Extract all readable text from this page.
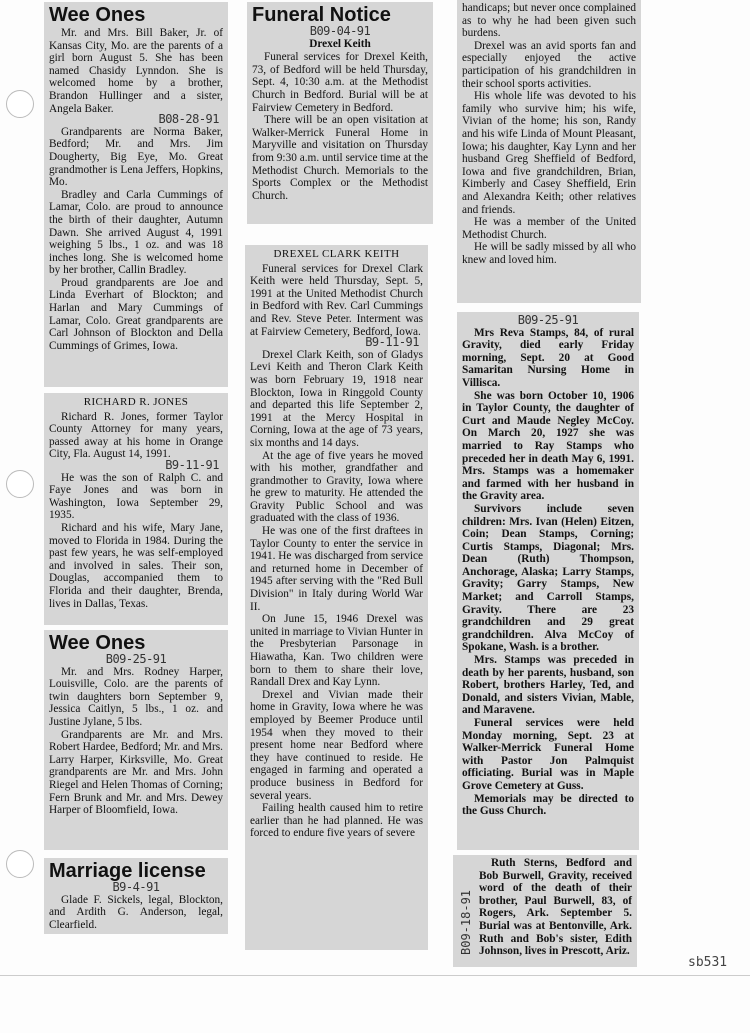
Wee Ones

Mr. and Mrs. Bill Baker, Jr. of Kansas City, Mo. are the parents of a girl born August 5. She has been named Chasidy Lynndon. She is welcomed home by a brother, Brandon Hullinger and a sister, Angela Baker.

B08-28-91

Grandparents are Norma Baker, Bedford; Mr. and Mrs. Jim Dougherty, Big Eye, Mo. Great grandmother is Lena Jeffers, Hopkins, Mo.

Bradley and Carla Cummings of Lamar, Colo. are proud to announce the birth of their daughter, Autumn Dawn. She arrived August 4, 1991 weighing 5 lbs., 1 oz. and was 18 inches long. She is welcomed home by her brother, Callin Bradley.

Proud grandparents are Joe and Linda Everhart of Blockton; and Harlan and Mary Cummings of Lamar, Colo. Great grandparents are Carl Johnson of Blockton and Della Cummings of Grimes, Iowa.

RICHARD R. JONES

Richard R. Jones, former Taylor County Attorney for many years, passed away at his home in Orange City, Fla. August 14, 1991.

B9-11-91

He was the son of Ralph C. and Faye Jones and was born in Washington, Iowa September 29, 1935.

Richard and his wife, Mary Jane, moved to Florida in 1984. During the past few years, he was self-employed and involved in sales. Their son, Douglas, accompanied them to Florida and their daughter, Brenda, lives in Dallas, Texas.

Wee Ones
B09-25-91

Mr. and Mrs. Rodney Harper, Louisville, Colo. are the parents of twin daughters born September 9, Jessica Caitlyn, 5 lbs., 1 oz. and Justine Jylane, 5 lbs.

Grandparents are Mr. and Mrs. Robert Hardee, Bedford; Mr. and Mrs. Larry Harper, Kirksville, Mo. Great grandparents are Mr. and Mrs. John Riegel and Helen Thomas of Corning; Fern Brunk and Mr. and Mrs. Dewey Harper of Bloomfield, Iowa.

Marriage license
B9-4-91

Glade F. Sickels, legal, Blockton, and Ardith G. Anderson, legal, Clearfield.

Funeral Notice
B09-04-91
Drexel Keith

Funeral services for Drexel Keith, 73, of Bedford will be held Thursday, Sept. 4, 10:30 a.m. at the Methodist Church in Bedford. Burial will be at Fairview Cemetery in Bedford.

There will be an open visitation at Walker-Merrick Funeral Home in Maryville and visitation on Thursday from 9:30 a.m. until service time at the Methodist Church. Memorials to the Sports Complex or the Methodist Church.

DREXEL CLARK KEITH

Funeral services for Drexel Clark Keith were held Thursday, Sept. 5, 1991 at the United Methodist Church in Bedford with Rev. Carl Cummings and Rev. Steve Peter. Interment was at Fairview Cemetery, Bedford, Iowa.

B9-11-91

Drexel Clark Keith, son of Gladys Levi Keith and Theron Clark Keith was born February 19, 1918 near Blockton, Iowa in Ringgold County and departed this life September 2, 1991 at the Mercy Hospital in Corning, Iowa at the age of 73 years, six months and 14 days.

At the age of five years he moved with his mother, grandfather and grandmother to Gravity, Iowa where he grew to maturity. He attended the Gravity Public School and was graduated with the class of 1936.

He was one of the first draftees in Taylor County to enter the service in 1941. He was discharged from service and returned home in December of 1945 after serving with the "Red Bull Division" in Italy during World War II.

On June 15, 1946 Drexel was united in marriage to Vivian Hunter in the Presbyterian Parsonage in Hiawatha, Kan. Two children were born to them to share their love, Randall Drex and Kay Lynn.

Drexel and Vivian made their home in Gravity, Iowa where he was employed by Beemer Produce until 1954 when they moved to their present home near Bedford where they have continued to reside. He engaged in farming and operated a produce business in Bedford for several years.

Failing health caused him to retire earlier than he had planned. He was forced to endure five years of severe

handicaps; but never once complained as to why he had been given such burdens.

Drexel was an avid sports fan and especially enjoyed the active participation of his grandchildren in their school sports activities.

His whole life was devoted to his family who survive him; his wife, Vivian of the home; his son, Randy and his wife Linda of Mount Pleasant, Iowa; his daughter, Kay Lynn and her husband Greg Sheffield of Bedford, Iowa and five grandchildren, Brian, Kimberly and Casey Sheffield, Erin and Alexandra Keith; other relatives and friends.

He was a member of the United Methodist Church.

He will be sadly missed by all who knew and loved him.

B09-25-91

Mrs Reva Stamps, 84, of rural Gravity, died early Friday morning, Sept. 20 at Good Samaritan Nursing Home in Villisca.

She was born October 10, 1906 in Taylor County, the daughter of Curt and Maude Negley McCoy. On March 20, 1927 she was married to Ray Stamps who preceded her in death May 6, 1991. Mrs. Stamps was a homemaker and farmed with her husband in the Gravity area.

Survivors include seven children: Mrs. Ivan (Helen) Eitzen, Coin; Dean Stamps, Corning; Curtis Stamps, Diagonal; Mrs. Dean (Ruth) Thompson, Anchorage, Alaska; Larry Stamps, Gravity; Garry Stamps, New Market; and Carroll Stamps, Gravity. There are 23 grandchildren and 29 great grandchildren. Alva McCoy of Spokane, Wash. is a brother.

Mrs. Stamps was preceded in death by her parents, husband, son Robert, brothers Harley, Ted, and Donald, and sisters Vivian, Mable, and Maravene.

Funeral services were held Monday morning, Sept. 23 at Walker-Merrick Funeral Home with Pastor Jon Palmquist officiating. Burial was in Maple Grove Cemetery at Guss.

Memorials may be directed to the Guss Church.

Ruth Sterns, Bedford and Bob Burwell, Gravity, received word of the death of their brother, Paul Burwell, 83, of Rogers, Ark. September 5. Burial was at Bentonville, Ark. Ruth and Bob's sister, Edith Johnson, lives in Prescott, Ariz.

B09-18-91
sb531
